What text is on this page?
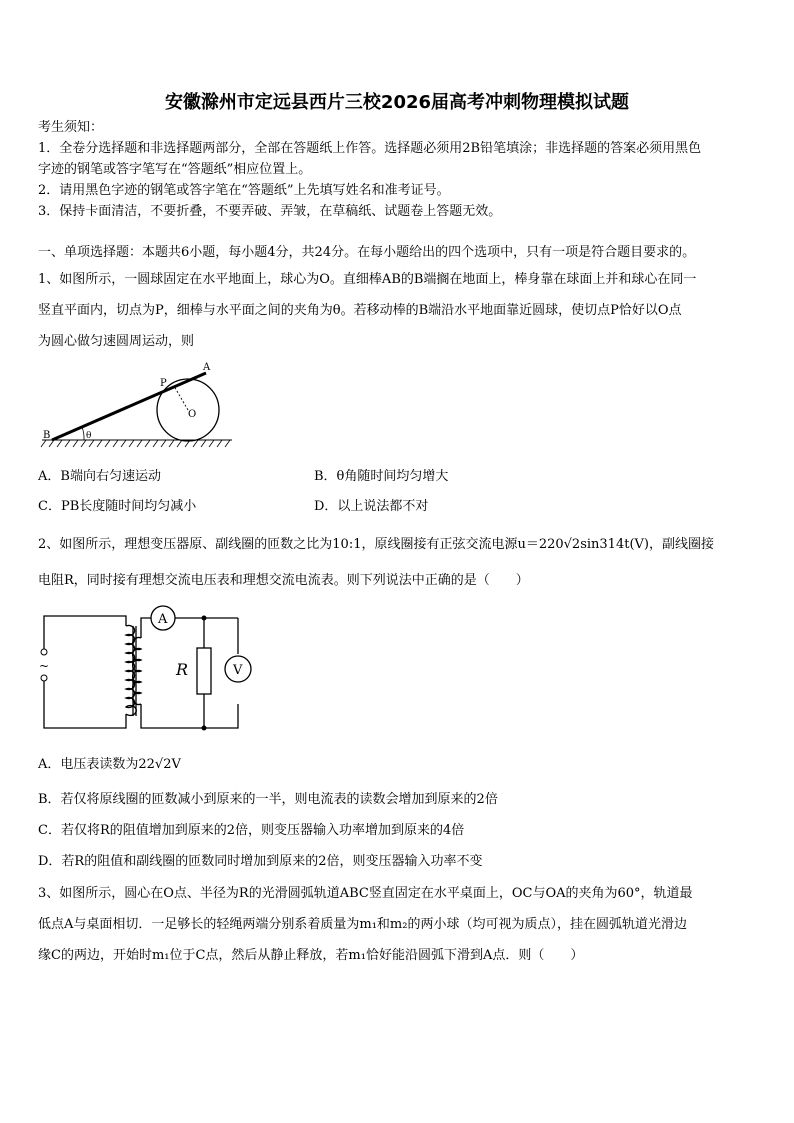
安徽滁州市定远县西片三校2026届高考冲刺物理模拟试题
考生须知：
1．全卷分选择题和非选择题两部分，全部在答题纸上作答。选择题必须用2B铅笔填涂；非选择题的答案必须用黑色
字迹的钢笔或答字笔写在“答题纸”相应位置上。
2．请用黑色字迹的钢笔或答字笔在“答题纸”上先填写姓名和准考证号。
3．保持卡面清洁，不要折叠，不要弄破、弄皱，在草稿纸、试题卷上答题无效。
一、单项选择题：本题共6小题，每小题4分，共24分。在每小题给出的四个选项中，只有一项是符合题目要求的。
1、如图所示，一圆球固定在水平地面上，球心为O。直细棒AB的B端搁在地面上，棒身靠在球面上并和球心在同一
竖直平面内，切点为P，细棒与水平面之间的夹角为θ。若移动棒的B端沿水平地面靠近圆球，使切点P恰好以O点
为圆心做匀速圆周运动，则
A
P
O
B	θ
A．B端向右匀速运动	B．θ角随时间均匀增大
C．PB长度随时间均匀减小	D．以上说法都不对
2、如图所示，理想变压器原、副线圈的匝数之比为10:1，原线圈接有正弦交流电源u＝220√2sin314t(V)，副线圈接
电阻R，同时接有理想交流电压表和理想交流电流表。则下列说法中正确的是（　　）
~
A
R	V
A．电压表读数为22√2V
B．若仅将原线圈的匝数减小到原来的一半，则电流表的读数会增加到原来的2倍
C．若仅将R的阻值增加到原来的2倍，则变压器输入功率增加到原来的4倍
D．若R的阻值和副线圈的匝数同时增加到原来的2倍，则变压器输入功率不变
3、如图所示，圆心在O点、半径为R的光滑圆弧轨道ABC竖直固定在水平桌面上，OC与OA的夹角为60°，轨道最
低点A与桌面相切．一足够长的轻绳两端分别系着质量为m₁和m₂的两小球（均可视为质点），挂在圆弧轨道光滑边
缘C的两边，开始时m₁位于C点，然后从静止释放，若m₁恰好能沿圆弧下滑到A点．则（　　）
